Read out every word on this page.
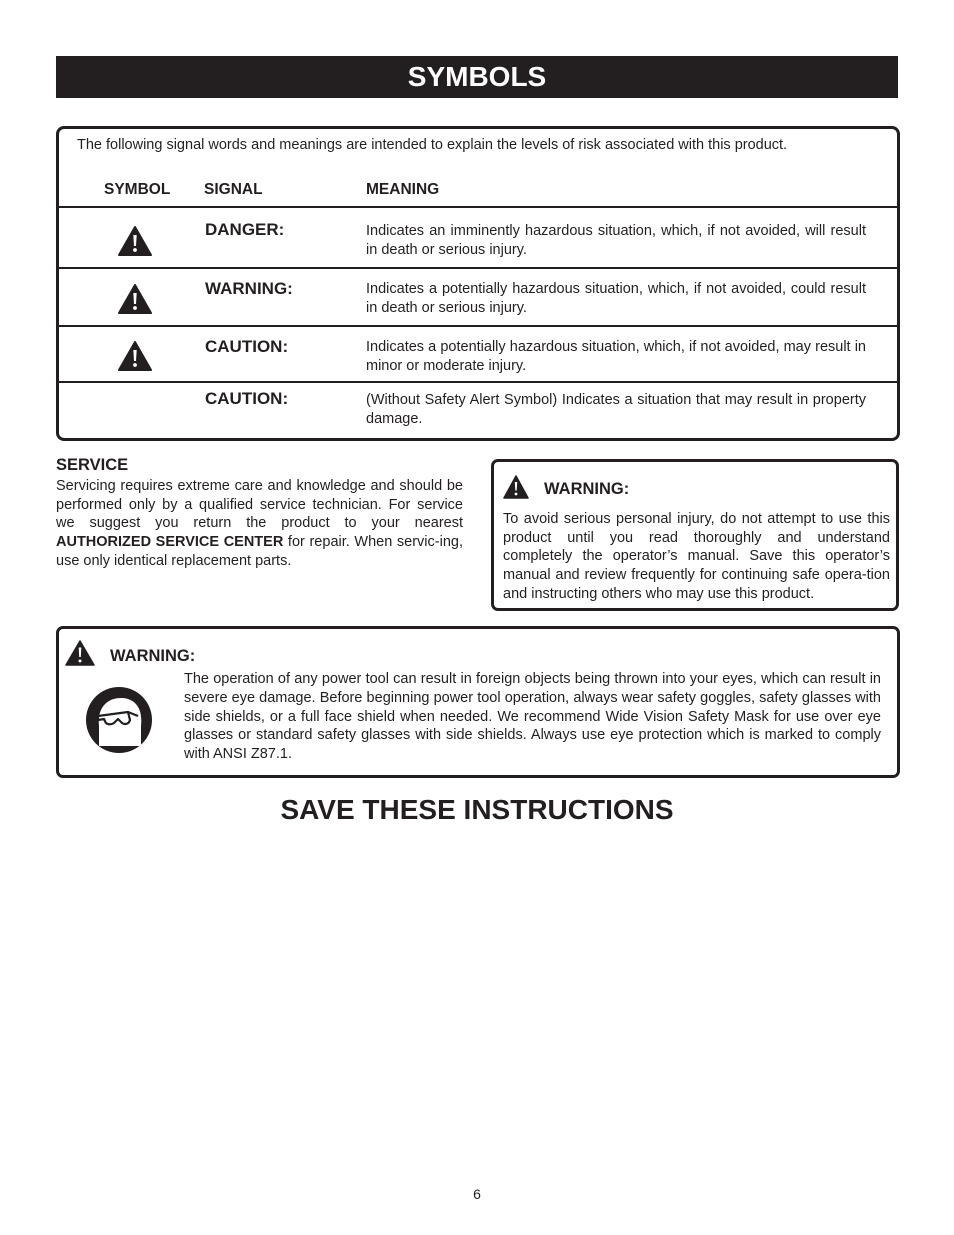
SYMBOLS
The following signal words and meanings are intended to explain the levels of risk associated with this product.
SYMBOL SIGNAL	MEANING
DANGER:	Indicates an imminently hazardous situation, which, if not avoided, will result in death or serious injury.
WARNING:	Indicates a potentially hazardous situation, which, if not avoided, could result in death or serious injury.
CAUTION:	Indicates a potentially hazardous situation, which, if not avoided, may result in minor or moderate injury.
CAUTION:	(Without Safety Alert Symbol) Indicates a situation that may result in property damage.
SERVICE
Servicing requires extreme care and knowledge and should be performed only by a qualified service technician. For service we suggest you return the product to your nearest AUTHORIZED SERVICE CENTER for repair. When servic-ing, use only identical replacement parts.
WARNING:
To avoid serious personal injury, do not attempt to use this product until you read thoroughly and understand completely the operator’s manual. Save this operator’s manual and review frequently for continuing safe opera-tion and instructing others who may use this product.
WARNING:
The operation of any power tool can result in foreign objects being thrown into your eyes, which can result in severe eye damage. Before beginning power tool operation, always wear safety goggles, safety glasses with side shields, or a full face shield when needed. We recommend Wide Vision Safety Mask for use over eye glasses or standard safety glasses with side shields. Always use eye protection which is marked to comply with ANSI Z87.1.
SAVE THESE INSTRUCTIONS
6
